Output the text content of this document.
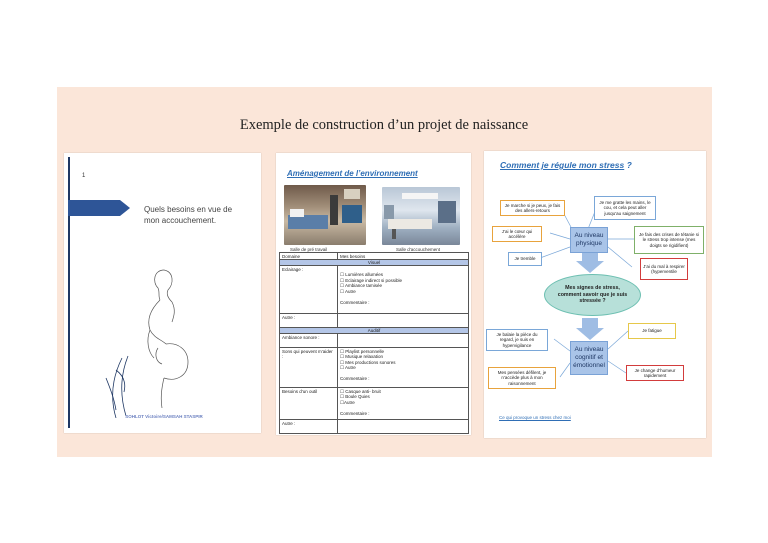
Exemple de construction d’un projet de naissance
1
Quels besoins en vue de mon accouchement.
SOHLOT Victoire/SAMSAH STASPIR
Aménagement de l’environnement
Salle de pré travail	Salle d’accouchement
Domaine	Mes besoins
Visuel	
Eclairage :	☐ Lumières allumées
☐ Eclairage indirect si possible
☐ Ambiance tamisée
☐ Autre

Commentaire :

Autre :	
Auditif	
Ambiance sonore :	
Sons qui peuvent m’aider :	☐ Playlist personnelle
☐ Musique relaxation
☐ Mes productions sonores
☐ Autre

Commentaire :

Besoins d’un outil	☐ Casque anti- bruit
☐ Boule Quies
☐Autre

Commentaire :

Autre :	
Comment je régule mon stress ?
Au niveau physique
Mes signes de stress, comment savoir que je suis stressée ?
Au niveau cognitif et émotionnel
Je marche si je peux, je fais des allers-retours
Je me gratte les mains, le cou, et cela peut aller jusqu’au saignement
J’ai le cœur qui accélère	Je fais des crises de tétanie si le stress trop intense (mes doigts se rigidifient)
Je tremble
J’ai du mal à respirer (hyperventile
Je balaie la pièce du regard, je suis en hypervigilance
Je fatigue
Mes pensées défilent, je n’accède plus à mon raisonnement
Je change d’humeur rapidement
Ce qui provoque un stress chez moi
